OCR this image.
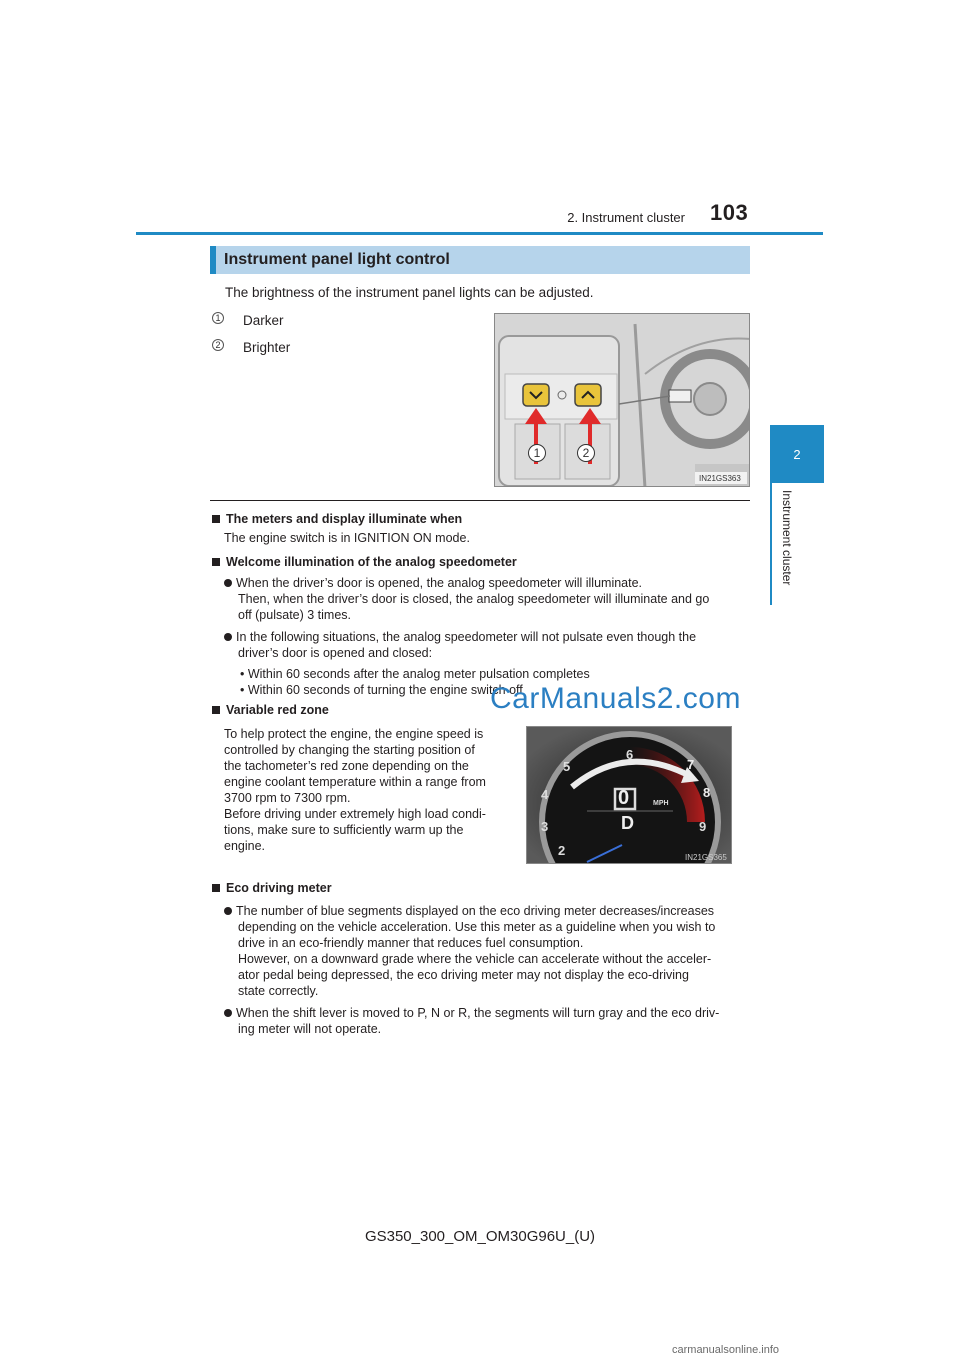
2. Instrument cluster 103
2
Instrument cluster
Instrument panel light control
The brightness of the instrument panel lights can be adjusted.
1 Darker
2 Brighter
1	2
IN21GS363
The meters and display illuminate when
The engine switch is in IGNITION ON mode.
Welcome illumination of the analog speedometer
When the driver’s door is opened, the analog speedometer will illuminate.
Then, when the driver’s door is closed, the analog speedometer will illuminate and go
off (pulsate) 3 times.
In the following situations, the analog speedometer will not pulsate even though the
driver’s door is opened and closed:
• Within 60 seconds after the analog meter pulsation completes
• Within 60 seconds of turning the engine switch off
Variable red zone
To help protect the engine, the engine speed is
controlled by changing the starting position of
the tachometer’s red zone depending on the
engine coolant temperature within a range from
3700 rpm to 7300 rpm.
Before driving under extremely high load condi-
tions, make sure to sufficiently warm up the
engine.	2
3
4
5
6
7
8
9
0	MPH
D
IN21GS365
Eco driving meter
The number of blue segments displayed on the eco driving meter decreases/increases
depending on the vehicle acceleration. Use this meter as a guideline when you wish to
drive in an eco-friendly manner that reduces fuel consumption.
However, on a downward grade where the vehicle can accelerate without the acceler-
ator pedal being depressed, the eco driving meter may not display the eco-driving
state correctly.
When the shift lever is moved to P, N or R, the segments will turn gray and the eco driv-
ing meter will not operate.
CarManuals2.com
GS350_300_OM_OM30G96U_(U)
carmanualsonline.info
